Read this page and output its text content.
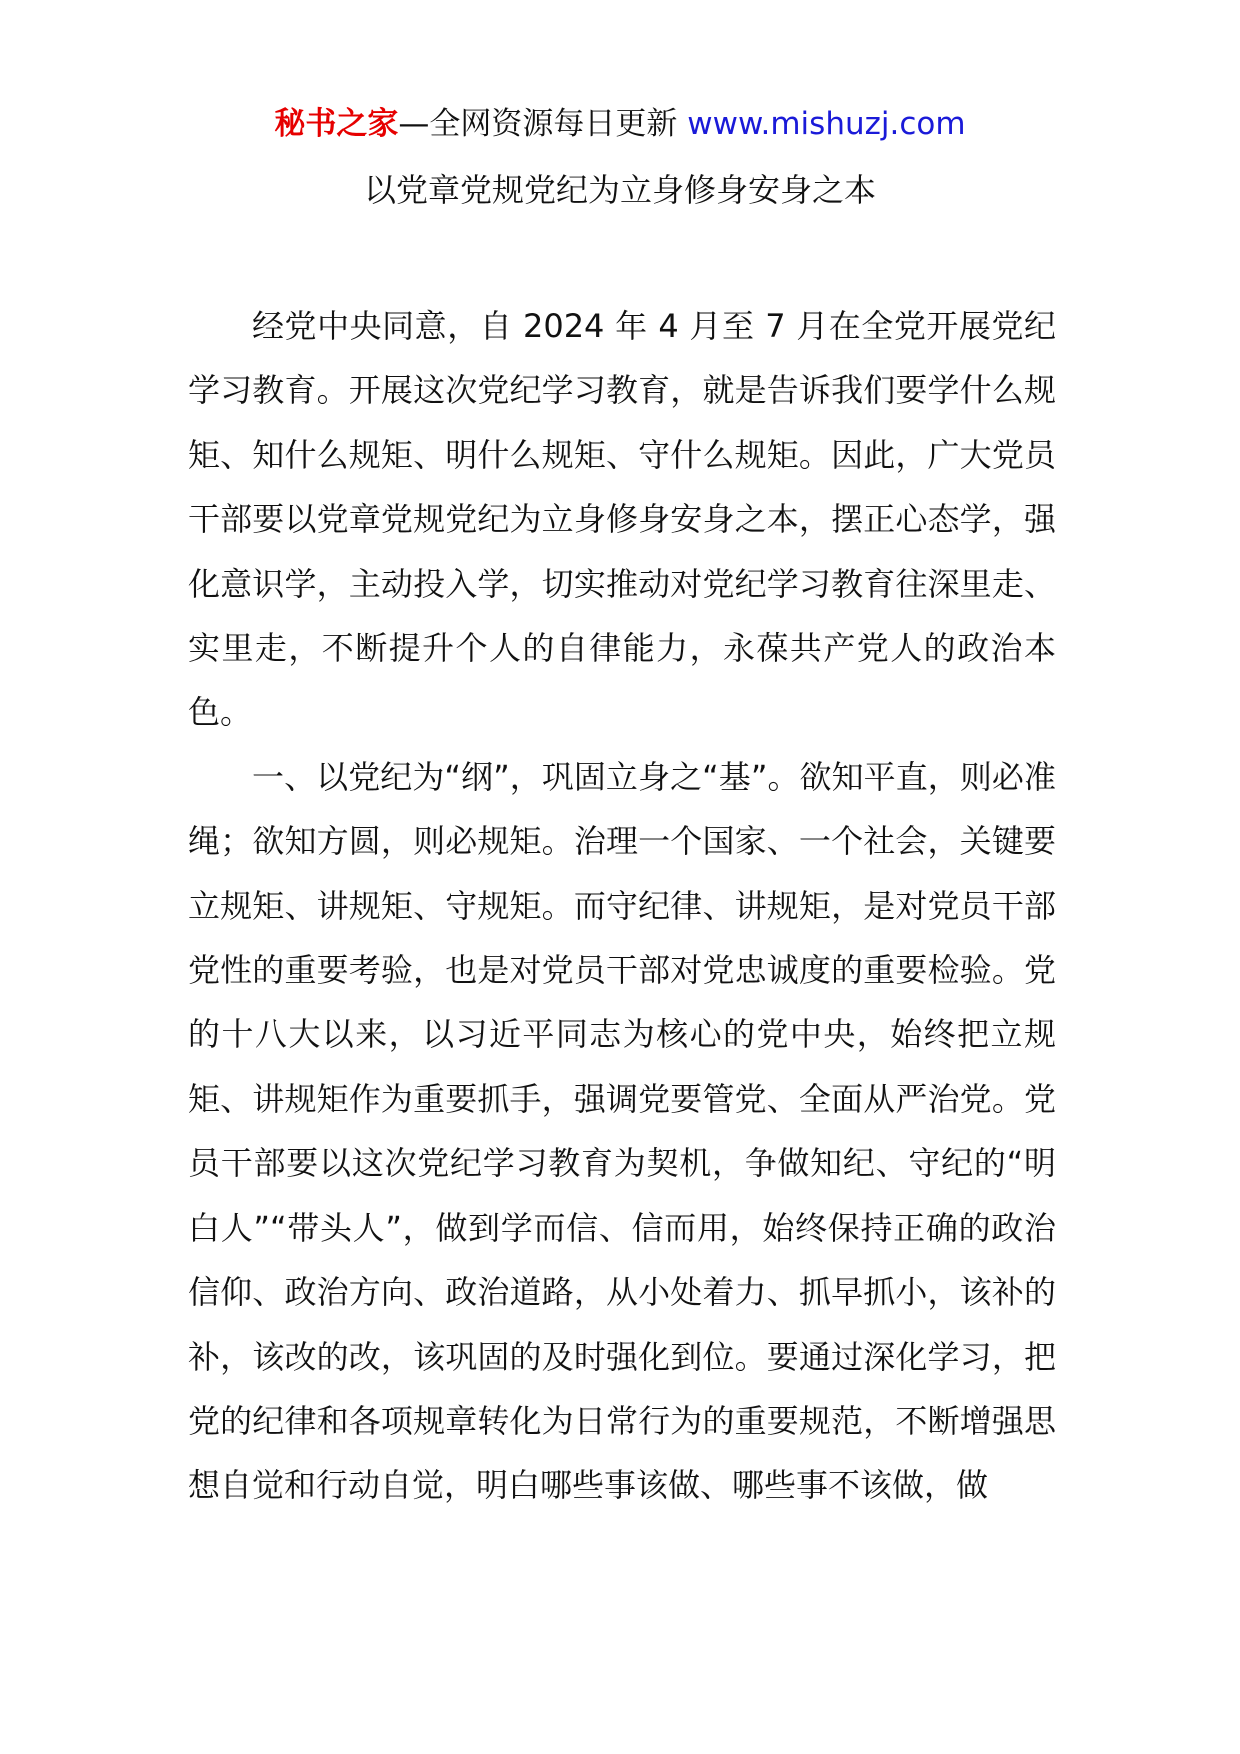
秘书之家—全网资源每日更新 www.mishuzj.com
以党章党规党纪为立身修身安身之本

经党中央同意，自 2024 年 4 月至 7 月在全党开展党纪学习教育。开展这次党纪学习教育，就是告诉我们要学什么规矩、知什么规矩、明什么规矩、守什么规矩。因此，广大党员干部要以党章党规党纪为立身修身安身之本，摆正心态学，强化意识学，主动投入学，切实推动对党纪学习教育往深里走、实里走，不断提升个人的自律能力，永葆共产党人的政治本色。

一、以党纪为“纲”，巩固立身之“基”。欲知平直，则必准绳；欲知方圆，则必规矩。治理一个国家、一个社会，关键要立规矩、讲规矩、守规矩。而守纪律、讲规矩，是对党员干部党性的重要考验，也是对党员干部对党忠诚度的重要检验。党的十八大以来，以习近平同志为核心的党中央，始终把立规矩、讲规矩作为重要抓手，强调党要管党、全面从严治党。党员干部要以这次党纪学习教育为契机，争做知纪、守纪的“明白人”“带头人”，做到学而信、信而用，始终保持正确的政治信仰、政治方向、政治道路，从小处着力、抓早抓小，该补的补，该改的改，该巩固的及时强化到位。要通过深化学习，把党的纪律和各项规章转化为日常行为的重要规范，不断增强思想自觉和行动自觉，明白哪些事该做、哪些事不该做，做
